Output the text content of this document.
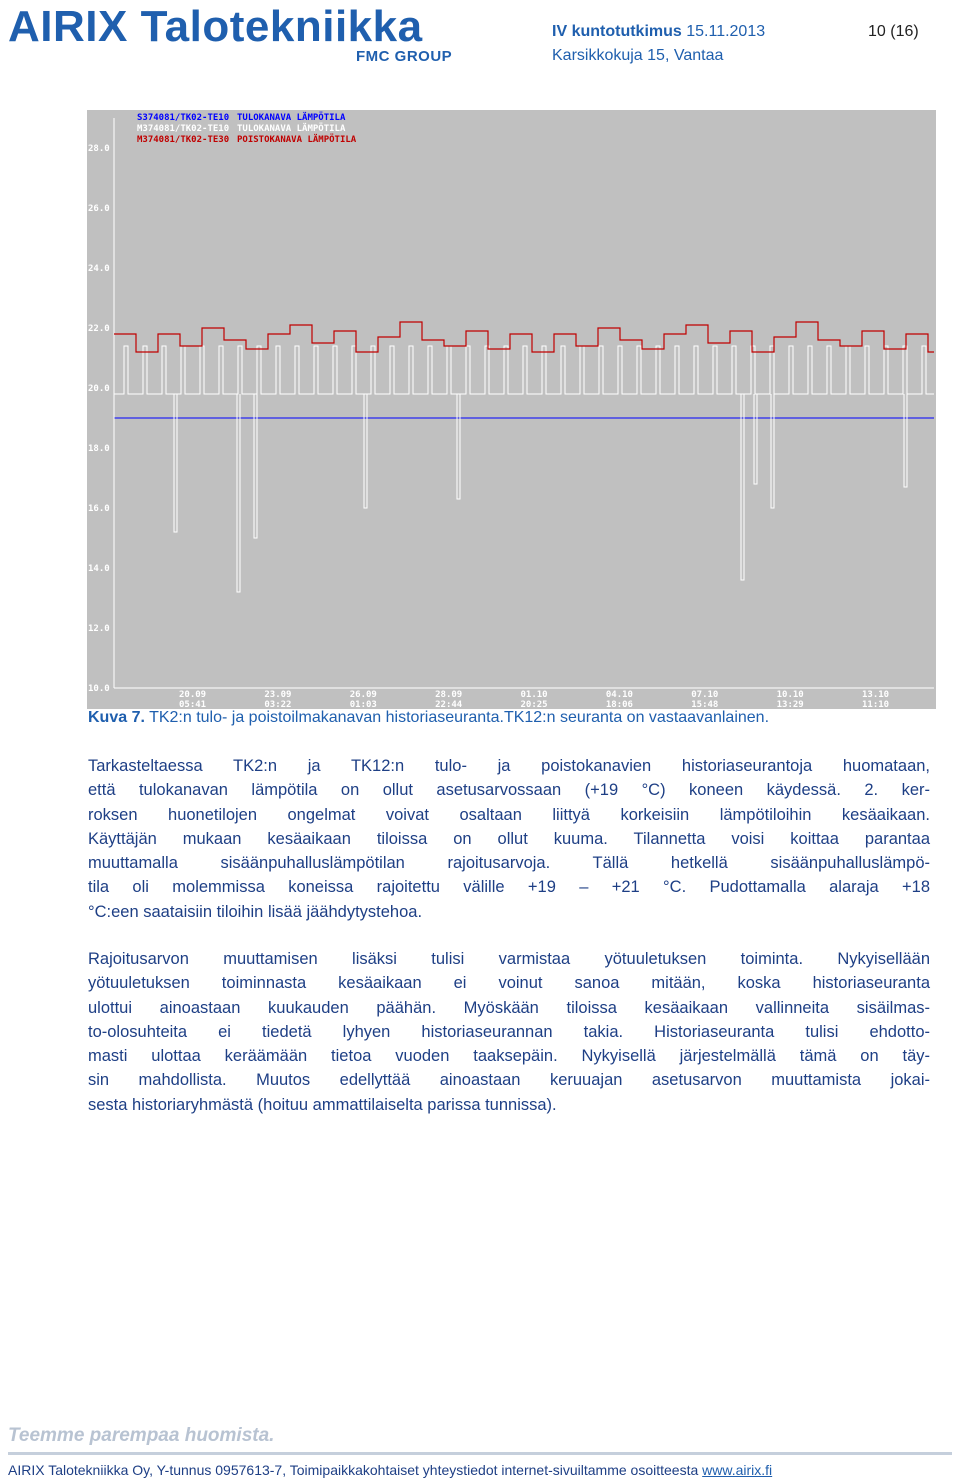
AIRIX Talotekniikka
FMC GROUP
IV kuntotutkimus 15.11.2013
Karsikkokuja 15, Vantaa
10 (16)
28.0
26.0
24.0
22.0
20.0
18.0
16.0
14.0
12.0
10.0
20.09
05:41
23.09
03:22
26.09
01:03
28.09
22:44
01.10
20:25
04.10
18:06
07.10
15:48
10.10
13:29
13.10
11:10
S374081/TK02-TE10 TULOKANAVA LÄMPÖTILA
M374081/TK02-TE10 TULOKANAVA LÄMPÖTILA
M374081/TK02-TE30 POISTOKANAVA LÄMPÖTILA
Kuva 7. TK2:n tulo- ja poistoilmakanavan historiaseuranta.TK12:n seuranta on vastaavanlainen.
Tarkasteltaessa TK2:n ja TK12:n tulo- ja poistokanavien historiaseurantoja huomataan,
että tulokanavan lämpötila on ollut asetusarvossaan (+19 °C) koneen käydessä. 2. ker-
roksen huonetilojen ongelmat voivat osaltaan liittyä korkeisiin lämpötiloihin kesäaikaan.
Käyttäjän mukaan kesäaikaan tiloissa on ollut kuuma. Tilannetta voisi koittaa parantaa
muuttamalla sisäänpuhalluslämpötilan rajoitusarvoja. Tällä hetkellä sisäänpuhalluslämpö-
tila oli molemmissa koneissa rajoitettu välille +19 – +21 °C. Pudottamalla alaraja +18
°C:een saataisiin tiloihin lisää jäähdytystehoa.
Rajoitusarvon muuttamisen lisäksi tulisi varmistaa yötuuletuksen toiminta. Nykyisellään
yötuuletuksen toiminnasta kesäaikaan ei voinut sanoa mitään, koska historiaseuranta
ulottui ainoastaan kuukauden päähän. Myöskään tiloissa kesäaikaan vallinneita sisäilmas-
to-olosuhteita ei tiedetä lyhyen historiaseurannan takia. Historiaseuranta tulisi ehdotto-
masti ulottaa keräämään tietoa vuoden taaksepäin. Nykyisellä järjestelmällä tämä on täy-
sin mahdollista. Muutos edellyttää ainoastaan keruuajan asetusarvon muuttamista jokai-
sesta historiaryhmästä (hoituu ammattilaiselta parissa tunnissa).
Teemme parempaa huomista.
AIRIX Talotekniikka Oy, Y-tunnus 0957613-7, Toimipaikkakohtaiset yhteystiedot internet-sivuiltamme osoitteesta www.airix.fi
